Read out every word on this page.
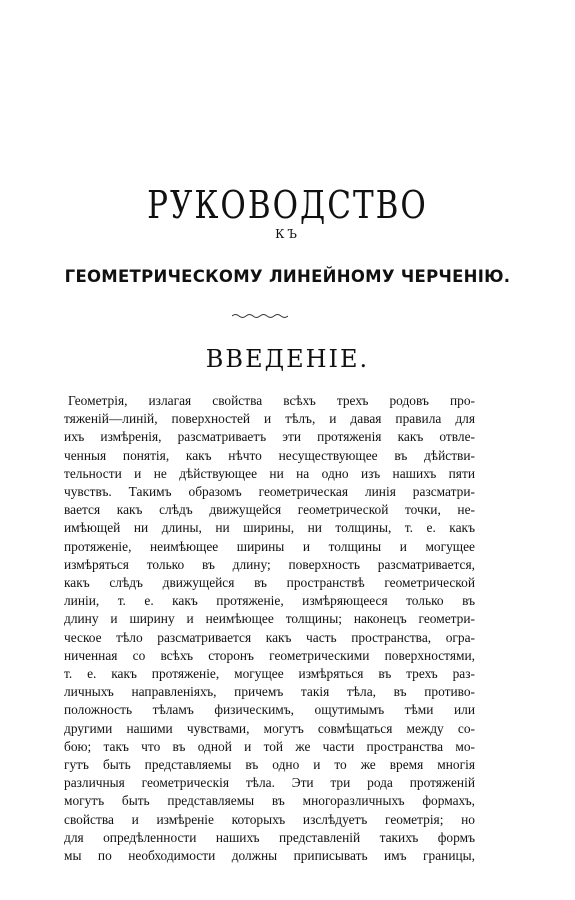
РУКОВОДСТВО
КЪ
ГЕОМЕТРИЧЕСКОМУ ЛИНЕЙНОМУ ЧЕРЧЕНІЮ.
ВВЕДЕНІЕ.
Геометрія, излагая свойства всѣхъ трехъ родовъ про-
тяженій—линій, поверхностей и тѣлъ, и давая правила для
ихъ измѣренія, разсматриваетъ эти протяженія какъ отвле-
ченныя понятія, какъ нѣчто несуществующее въ дѣйстви-
тельности и не дѣйствующее ни на одно изъ нашихъ пяти
чувствъ. Такимъ образомъ геометрическая линія разсматри-
вается какъ слѣдъ движущейся геометрической точки, не-
имѣющей ни длины, ни ширины, ни толщины, т. е. какъ
протяженіе, неимѣющее ширины и толщины и могущее
измѣряться только въ длину; поверхность разсматривается,
какъ слѣдъ движущейся въ пространствѣ геометрической
линіи, т. е. какъ протяженіе, измѣряющееся только въ
длину и ширину и неимѣющее толщины; наконецъ геометри-
ческое тѣло разсматривается какъ часть пространства, огра-
ниченная со всѣхъ сторонъ геометрическими поверхностями,
т. е. какъ протяженіе, могущее измѣряться въ трехъ раз-
личныхъ направленіяхъ, причемъ такія тѣла, въ противо-
положность тѣламъ физическимъ, ощутимымъ тѣми или
другими нашими чувствами, могутъ совмѣщаться между со-
бою; такъ что въ одной и той же части пространства мо-
гутъ быть представляемы въ одно и то же время многія
различныя геометрическія тѣла. Эти три рода протяженій
могутъ быть представляемы въ многоразличныхъ формахъ,
свойства и измѣреніе которыхъ изслѣдуетъ геометрія; но
для опредѣленности нашихъ представленій такихъ формъ
мы по необходимости должны приписывать имъ границы,
